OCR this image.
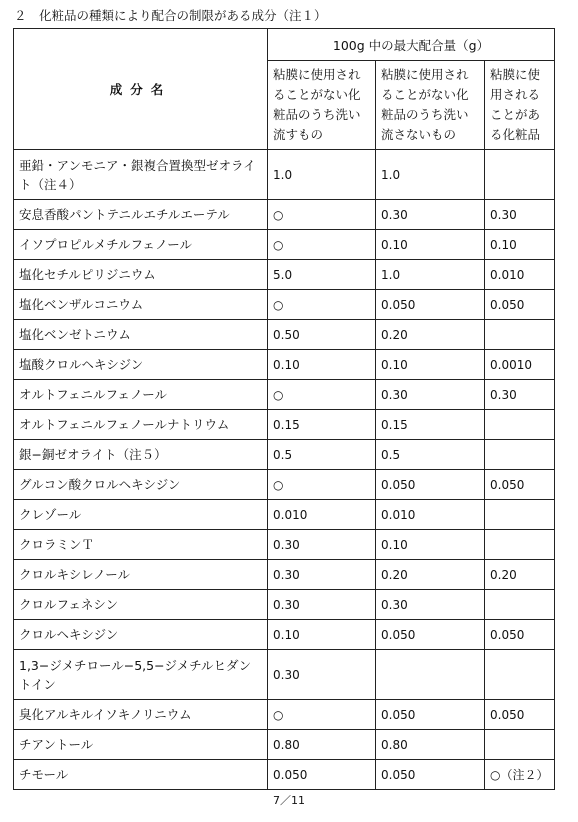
２　化粧品の種類により配合の制限がある成分（注１）
成分名	100g 中の最大配合量（g）		
	粘膜に使用されることがない化粧品のうち洗い流すもの	粘膜に使用されることがない化粧品のうち洗い流さないもの	粘膜に使用されることがある化粧品
亜鉛・アンモニア・銀複合置換型ゼオライト（注４）	1.0	1.0	
安息香酸パントテニルエチルエーテル	○	0.30	0.30
イソプロピルメチルフェノール	○	0.10	0.10
塩化セチルピリジニウム	5.0	1.0	0.010
塩化ベンザルコニウム	○	0.050	0.050
塩化ベンゼトニウム	0.50	0.20	
塩酸クロルヘキシジン	0.10	0.10	0.0010
オルトフェニルフェノール	○	0.30	0.30
オルトフェニルフェノールナトリウム	0.15	0.15	
銀−銅ゼオライト（注５）	0.5	0.5	
グルコン酸クロルヘキシジン	○	0.050	0.050
クレゾール	0.010	0.010	
クロラミンＴ	0.30	0.10	
クロルキシレノール	0.30	0.20	0.20
クロルフェネシン	0.30	0.30	
クロルヘキシジン	0.10	0.050	0.050
1,3−ジメチロール−5,5−ジメチルヒダントイン	0.30		
臭化アルキルイソキノリニウム	○	0.050	0.050
チアントール	0.80	0.80	
チモール	0.050	0.050	○（注２）
7／11
